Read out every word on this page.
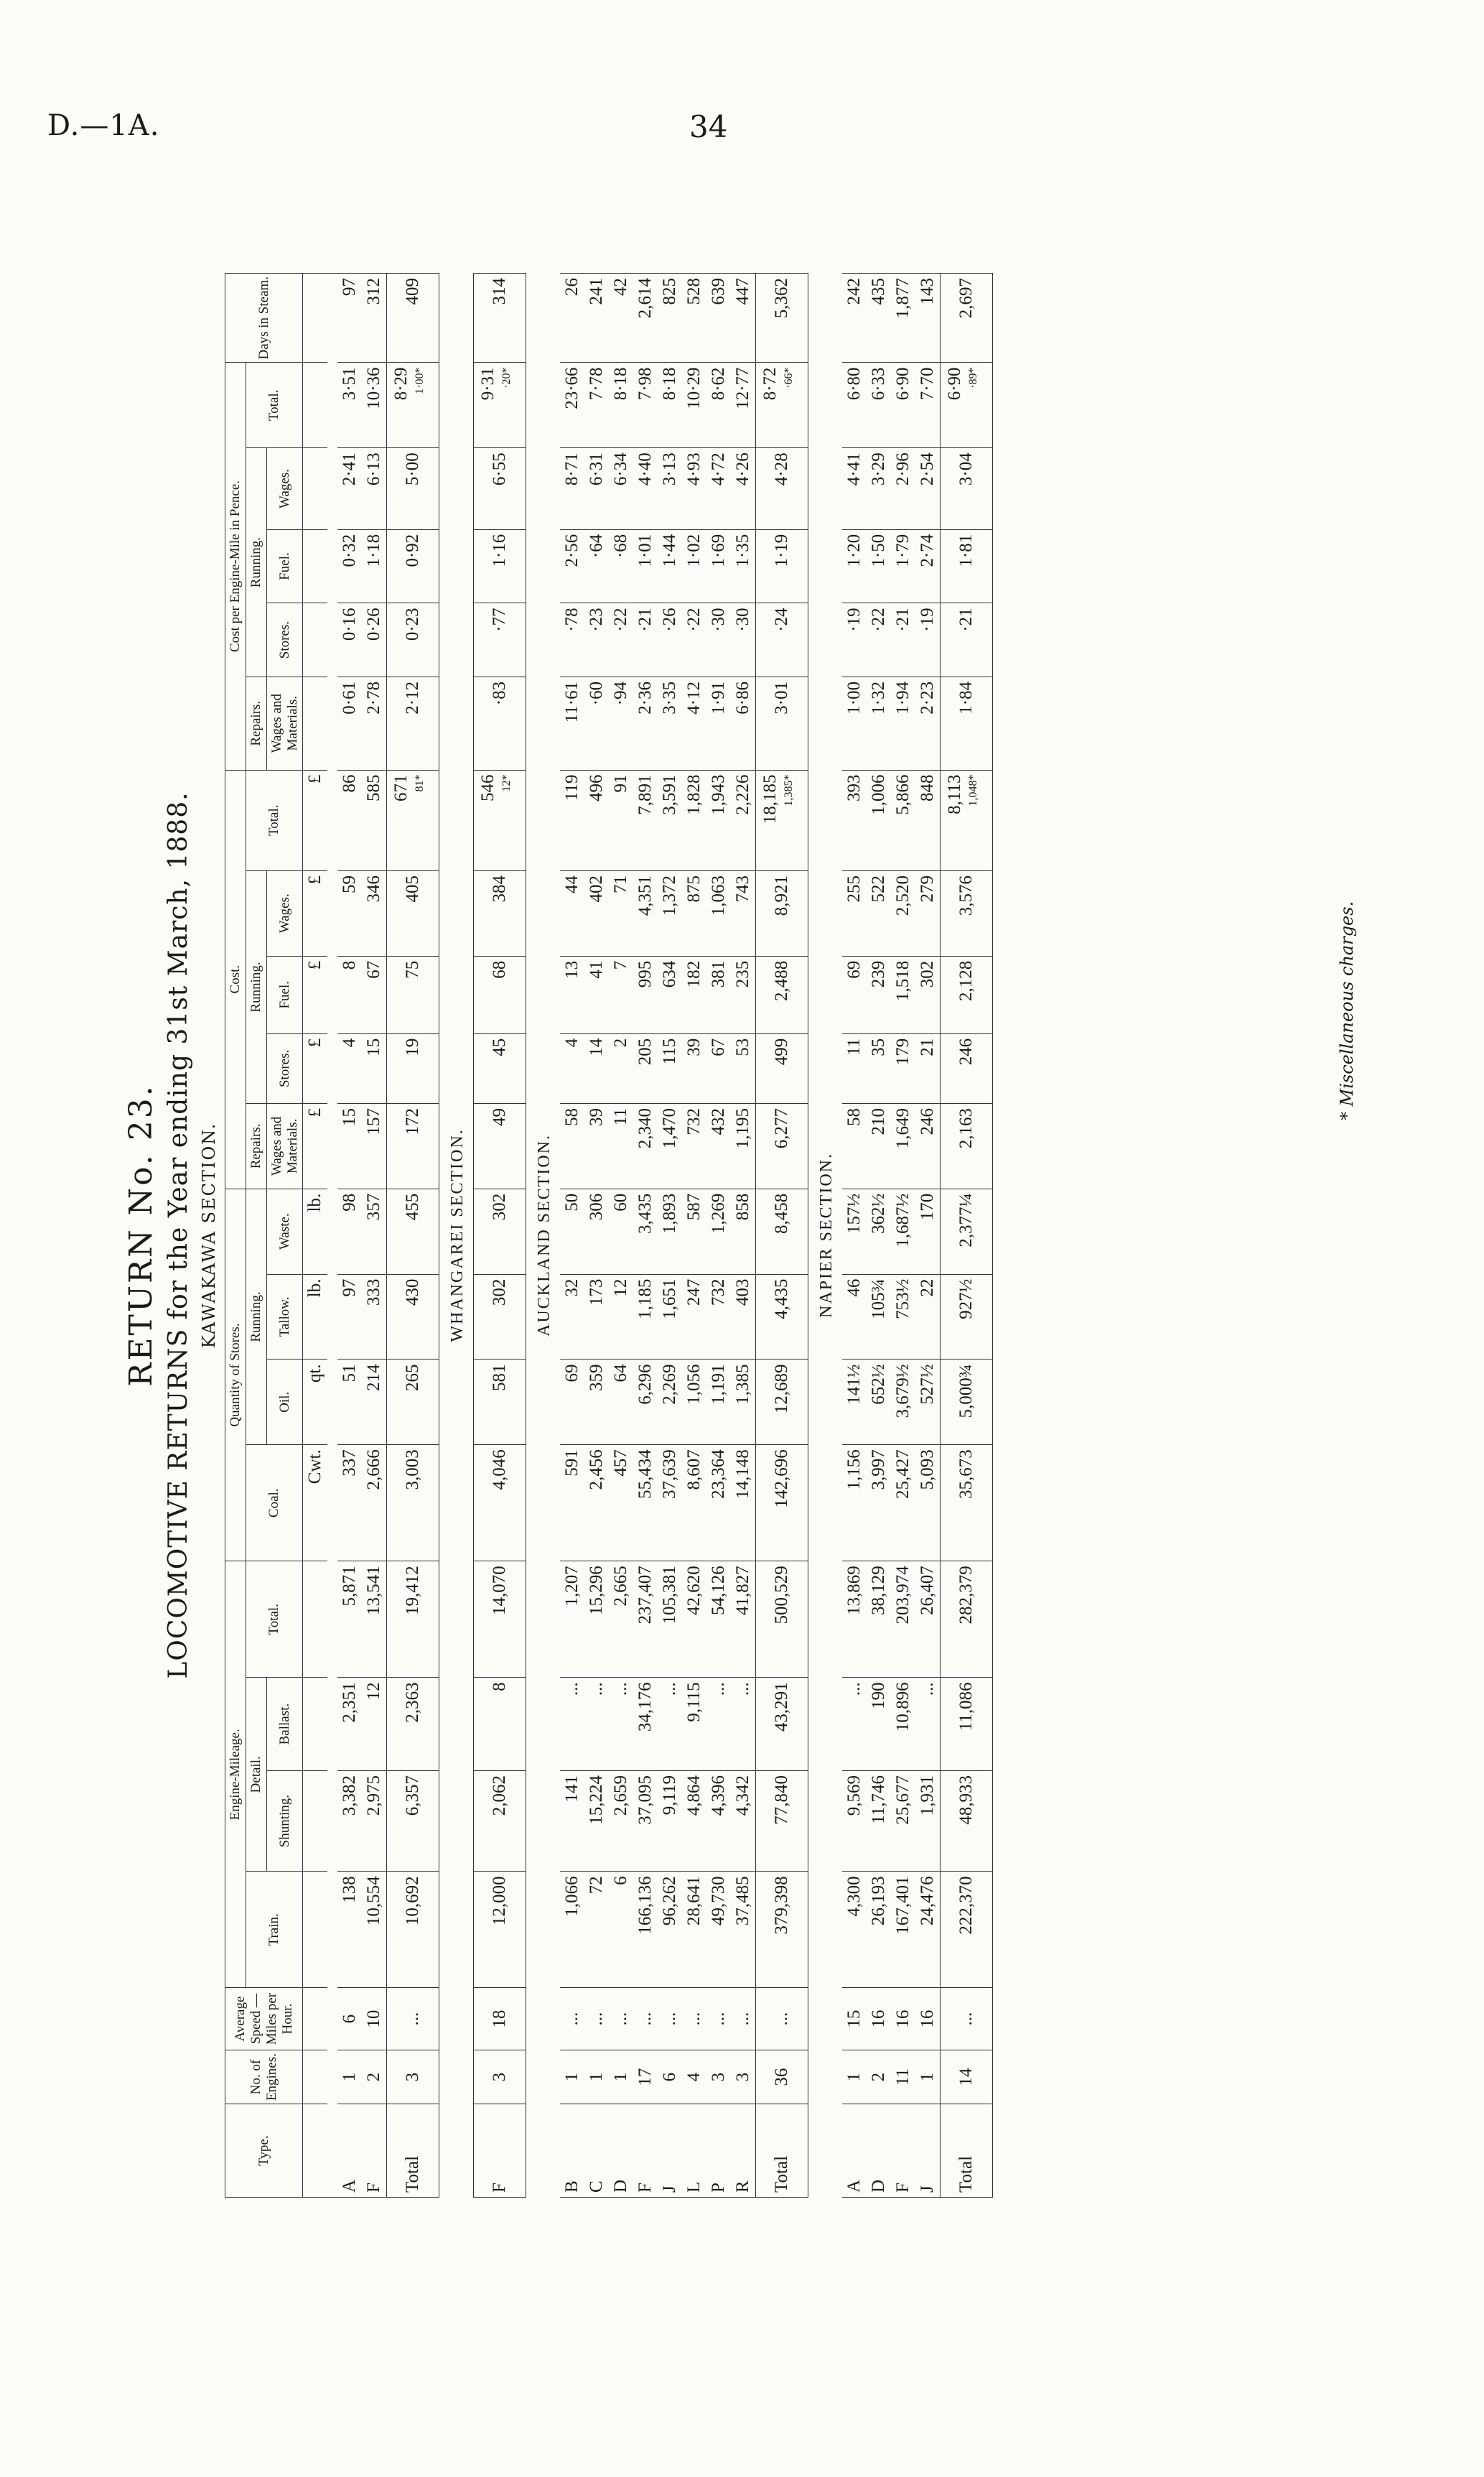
D.—1A.	34
RETURN No. 23. LOCOMOTIVE RETURNS for the Year ending 31st March, 1888. KAWAKAWA SECTION.
Type.	No. of Engines.	Average Speed — Miles per Hour.	Engine-Mileage.				Quantity of Stores.				Cost.					Cost per Engine-Mile in Pence.					Days in Steam.
			Train.	Detail.		Total.	Coal.	Running.			Repairs.	Running.			Total.	Repairs.	Running.			Total.	
				Shunting.	Ballast.			Oil.	Tallow.	Waste.	Wages and Materials.	Stores.	Fuel.	Wages.		Wages and Materials.	Stores.	Fuel.	Wages.		

							Cwt.	qt.	lb.	lb.	£	£	£	£	£						

A	1	6	138	3,382	2,351	5,871	337	51	97	98	15	4	8	59	86	0·61	0·16	0·32	2·41	3·51	97
F	2	10	10,554	2,975	12	13,541	2,666	214	333	357	157	15	67	346	585	2·78	0·26	1·18	6·13	10·36	312
Total	3	...	10,692	6,357	2,363	19,412	3,003	265	430	455	172	19	75	405	671 $^{81*}$	2·12	0·23	0·92	5·00	8·29 $^{1\cdot 00*}$	409
WHANGAREI SECTION.																					
F	3	18	12,000	2,062	8	14,070	4,046	581	302	302	49	45	68	384	546 $^{12*}$	·83	·77	1·16	6·55	9·31 $^{\cdot 20*}$	314
AUCKLAND SECTION.																					
B	1	...	1,066	141	...	1,207	591	69	32	50	58	4	13	44	119	11·61	·78	2·56	8·71	23·66	26
C	1	...	72	15,224	...	15,296	2,456	359	173	306	39	14	41	402	496	·60	·23	·64	6·31	7·78	241
D	1	...	6	2,659	...	2,665	457	64	12	60	11	2	7	71	91	·94	·22	·68	6·34	8·18	42
F	17	...	166,136	37,095	34,176	237,407	55,434	6,296	1,185	3,435	2,340	205	995	4,351	7,891	2·36	·21	1·01	4·40	7·98	2,614
J	6	...	96,262	9,119	...	105,381	37,639	2,269	1,651	1,893	1,470	115	634	1,372	3,591	3·35	·26	1·44	3·13	8·18	825
L	4	...	28,641	4,864	9,115	42,620	8,607	1,056	247	587	732	39	182	875	1,828	4·12	·22	1·02	4·93	10·29	528
P	3	...	49,730	4,396	...	54,126	23,364	1,191	732	1,269	432	67	381	1,063	1,943	1·91	·30	1·69	4·72	8·62	639
R	3	...	37,485	4,342	...	41,827	14,148	1,385	403	858	1,195	53	235	743	2,226	6·86	·30	1·35	4·26	12·77	447
Total	36	...	379,398	77,840	43,291	500,529	142,696	12,689	4,435	8,458	6,277	499	2,488	8,921	18,185 $^{1,385*}$	3·01	·24	1·19	4·28	8·72 $^{\cdot 66*}$	5,362
NAPIER SECTION.																					
A	1	15	4,300	9,569	...	13,869	1,156	141½	46	157½	58	11	69	255	393	1·00	·19	1·20	4·41	6·80	242
D	2	16	26,193	11,746	190	38,129	3,997	652½	105¾	362½	210	35	239	522	1,006	1·32	·22	1·50	3·29	6·33	435
F	11	16	167,401	25,677	10,896	203,974	25,427	3,679½	753½	1,687½	1,649	179	1,518	2,520	5,866	1·94	·21	1·79	2·96	6·90	1,877
J	1	16	24,476	1,931	...	26,407	5,093	527½	22	170	246	21	302	279	848	2·23	·19	2·74	2·54	7·70	143
Total	14	...	222,370	48,933	11,086	282,379	35,673	5,000¾	927½	2,377¼	2,163	246	2,128	3,576	8,113 $^{1,048*}$	1·84	·21	1·81	3·04	6·90 $^{\cdot 89*}$	2,697
* Miscellaneous charges.
